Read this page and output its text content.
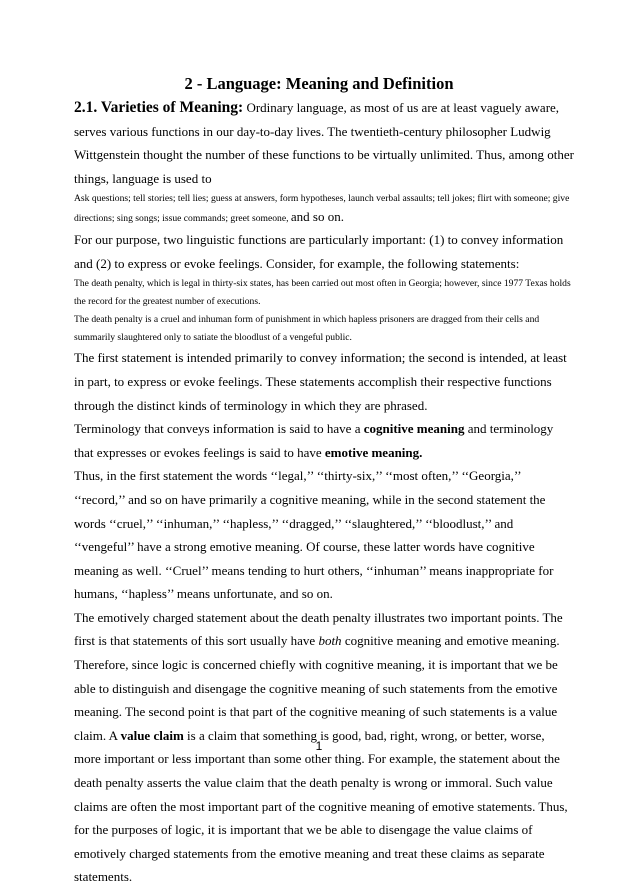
2 - Language: Meaning and Definition

2.1. Varieties of Meaning: Ordinary language, as most of us are at least vaguely aware, serves various functions in our day-to-day lives. The twentieth-century philosopher Ludwig Wittgenstein thought the number of these functions to be virtually unlimited. Thus, among other things, language is used to

Ask questions; tell stories; tell lies; guess at answers, form hypotheses, launch verbal assaults; tell jokes; flirt with someone; give directions; sing songs; issue commands; greet someone, and so on.

For our purpose, two linguistic functions are particularly important: (1) to convey information and (2) to express or evoke feelings. Consider, for example, the following statements:

The death penalty, which is legal in thirty-six states, has been carried out most often in Georgia; however, since 1977 Texas holds the record for the greatest number of executions.

The death penalty is a cruel and inhuman form of punishment in which hapless prisoners are dragged from their cells and summarily slaughtered only to satiate the bloodlust of a vengeful public.

The first statement is intended primarily to convey information; the second is intended, at least in part, to express or evoke feelings. These statements accomplish their respective functions through the distinct kinds of terminology in which they are phrased.

Terminology that conveys information is said to have a cognitive meaning and terminology that expresses or evokes feelings is said to have emotive meaning.

Thus, in the first statement the words ‘‘legal,’’ ‘‘thirty-six,’’ ‘‘most often,’’ ‘‘Georgia,’’ ‘‘record,’’ and so on have primarily a cognitive meaning, while in the second statement the words ‘‘cruel,’’ ‘‘inhuman,’’ ‘‘hapless,’’ ‘‘dragged,’’ ‘‘slaughtered,’’ ‘‘bloodlust,’’ and ‘‘vengeful’’ have a strong emotive meaning. Of course, these latter words have cognitive meaning as well. ‘‘Cruel’’ means tending to hurt others, ‘‘inhuman’’ means inappropriate for humans, ‘‘hapless’’ means unfortunate, and so on.

The emotively charged statement about the death penalty illustrates two important points. The first is that statements of this sort usually have both cognitive meaning and emotive meaning. Therefore, since logic is concerned chiefly with cognitive meaning, it is important that we be able to distinguish and disengage the cognitive meaning of such statements from the emotive meaning. The second point is that part of the cognitive meaning of such statements is a value claim. A value claim is a claim that something is good, bad, right, wrong, or better, worse, more important or less important than some other thing. For example, the statement about the death penalty asserts the value claim that the death penalty is wrong or immoral. Such value claims are often the most important part of the cognitive meaning of emotive statements. Thus, for the purposes of logic, it is important that we be able to disengage the value claims of emotively charged statements from the emotive meaning and treat these claims as separate statements.

1
